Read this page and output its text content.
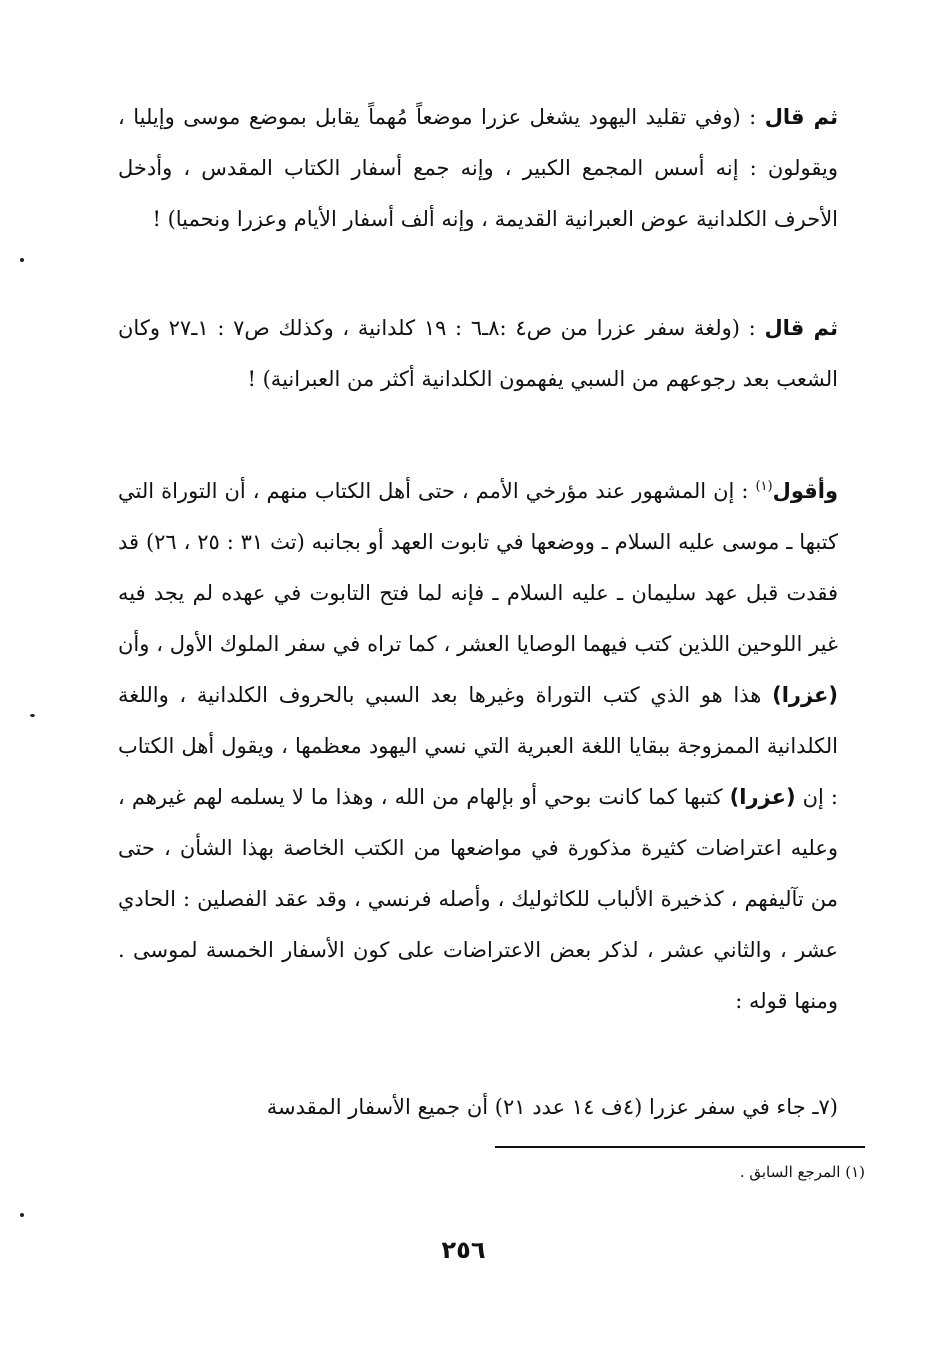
ثم قال : (وفي تقليد اليهود يشغل عزرا موضعاً مُهماً يقابل بموضع موسى وإيليا ، ويقولون : إنه أسس المجمع الكبير ، وإنه جمع أسفار الكتاب المقدس ، وأدخل الأحرف الكلدانية عوض العبرانية القديمة ، وإنه ألف أسفار الأيام وعزرا ونحميا) !
ثم قال : (ولغة سفر عزرا من ص٤ :٨ـ٦ : ١٩ كلدانية ، وكذلك ص٧ : ١ـ٢٧ وكان الشعب بعد رجوعهم من السبي يفهمون الكلدانية أكثر من العبرانية) !
وأقول$^{(١)}$ : إن المشهور عند مؤرخي الأمم ، حتى أهل الكتاب منهم ، أن التوراة التي كتبها ـ موسى عليه السلام ـ ووضعها في تابوت العهد أو بجانبه (تث ٣١ : ٢٥ ، ٢٦) قد فقدت قبل عهد سليمان ـ عليه السلام ـ فإنه لما فتح التابوت في عهده لم يجد فيه غير اللوحين اللذين كتب فيهما الوصايا العشر ، كما تراه في سفر الملوك الأول ، وأن (عزرا) هذا هو الذي كتب التوراة وغيرها بعد السبي بالحروف الكلدانية ، واللغة الكلدانية الممزوجة ببقايا اللغة العبرية التي نسي اليهود معظمها ، ويقول أهل الكتاب : إن (عزرا) كتبها كما كانت بوحي أو بإلهام من الله ، وهذا ما لا يسلمه لهم غيرهم ، وعليه اعتراضات كثيرة مذكورة في مواضعها من الكتب الخاصة بهذا الشأن ، حتى من تآليفهم ، كذخيرة الألباب للكاثوليك ، وأصله فرنسي ، وقد عقد الفصلين : الحادي عشر ، والثاني عشر ، لذكر بعض الاعتراضات على كون الأسفار الخمسة لموسى . ومنها قوله :
(٧ـ جاء في سفر عزرا (٤ف ١٤ عدد ٢١) أن جميع الأسفار المقدسة
(١) المرجع السابق .
٢٥٦
